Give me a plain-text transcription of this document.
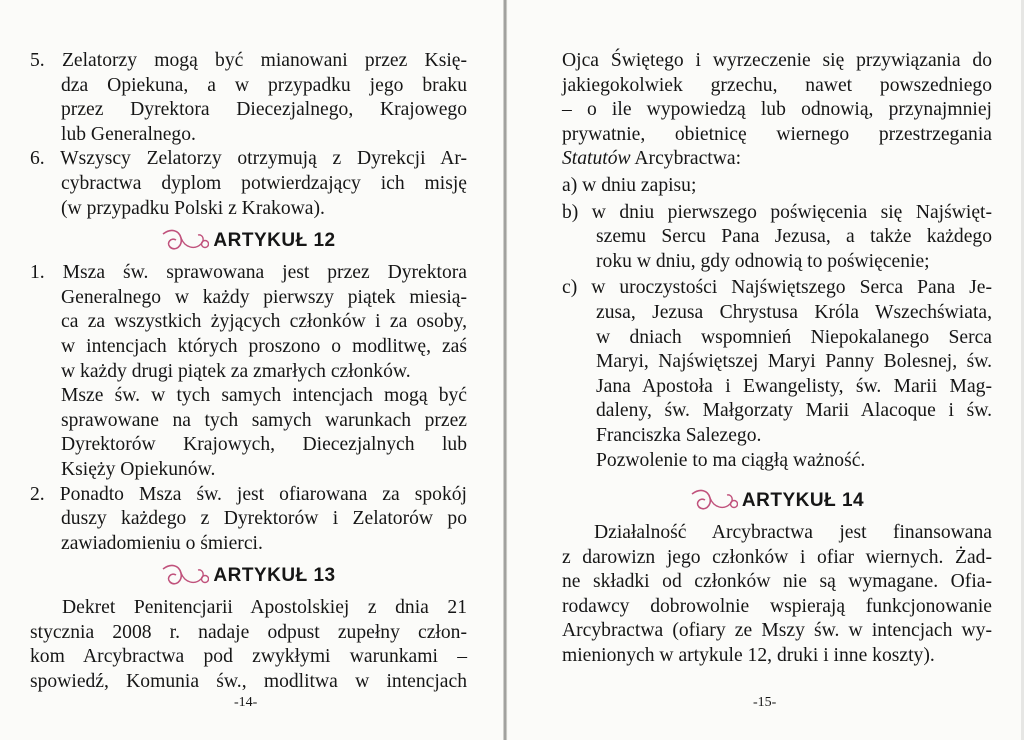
5. Zelatorzy mogą być mianowani przez Księ-
dza Opiekuna, a w przypadku jego braku
przez Dyrektora Diecezjalnego, Krajowego
lub Generalnego.
6. Wszyscy Zelatorzy otrzymują z Dyrekcji Ar-
cybractwa dyplom potwierdzający ich misję
(w przypadku Polski z Krakowa).
ARTYKUŁ 12
1. Msza św. sprawowana jest przez Dyrektora
Generalnego w każdy pierwszy piątek miesią-
ca za wszystkich żyjących członków i za osoby,
w intencjach których proszono o modlitwę, zaś
w każdy drugi piątek za zmarłych członków.
Msze św. w tych samych intencjach mogą być
sprawowane na tych samych warunkach przez
Dyrektorów Krajowych, Diecezjalnych lub
Księży Opiekunów.
2. Ponadto Msza św. jest ofiarowana za spokój
duszy każdego z Dyrektorów i Zelatorów po
zawiadomieniu o śmierci.
ARTYKUŁ 13
Dekret Penitencjarii Apostolskiej z dnia 21
stycznia 2008 r. nadaje odpust zupełny człon-
kom Arcybractwa pod zwykłymi warunkami –
spowiedź, Komunia św., modlitwa w intencjach
-14-
Ojca Świętego i wyrzeczenie się przywiązania do
jakiegokolwiek grzechu, nawet powszedniego
– o ile wypowiedzą lub odnowią, przynajmniej
prywatnie, obietnicę wiernego przestrzegania
Statutów Arcybractwa:
a) w dniu zapisu;
b) w dniu pierwszego poświęcenia się Najświęt-
szemu Sercu Pana Jezusa, a także każdego
roku w dniu, gdy odnowią to poświęcenie;
c) w uroczystości Najświętszego Serca Pana Je-
zusa, Jezusa Chrystusa Króla Wszechświata,
w dniach wspomnień Niepokalanego Serca
Maryi, Najświętszej Maryi Panny Bolesnej, św.
Jana Apostoła i Ewangelisty, św. Marii Mag-
daleny, św. Małgorzaty Marii Alacoque i św.
Franciszka Salezego.
Pozwolenie to ma ciągłą ważność.
ARTYKUŁ 14
Działalność Arcybractwa jest finansowana
z darowizn jego członków i ofiar wiernych. Żad-
ne składki od członków nie są wymagane. Ofia-
rodawcy dobrowolnie wspierają funkcjonowanie
Arcybractwa (ofiary ze Mszy św. w intencjach wy-
mienionych w artykule 12, druki i inne koszty).
-15-
